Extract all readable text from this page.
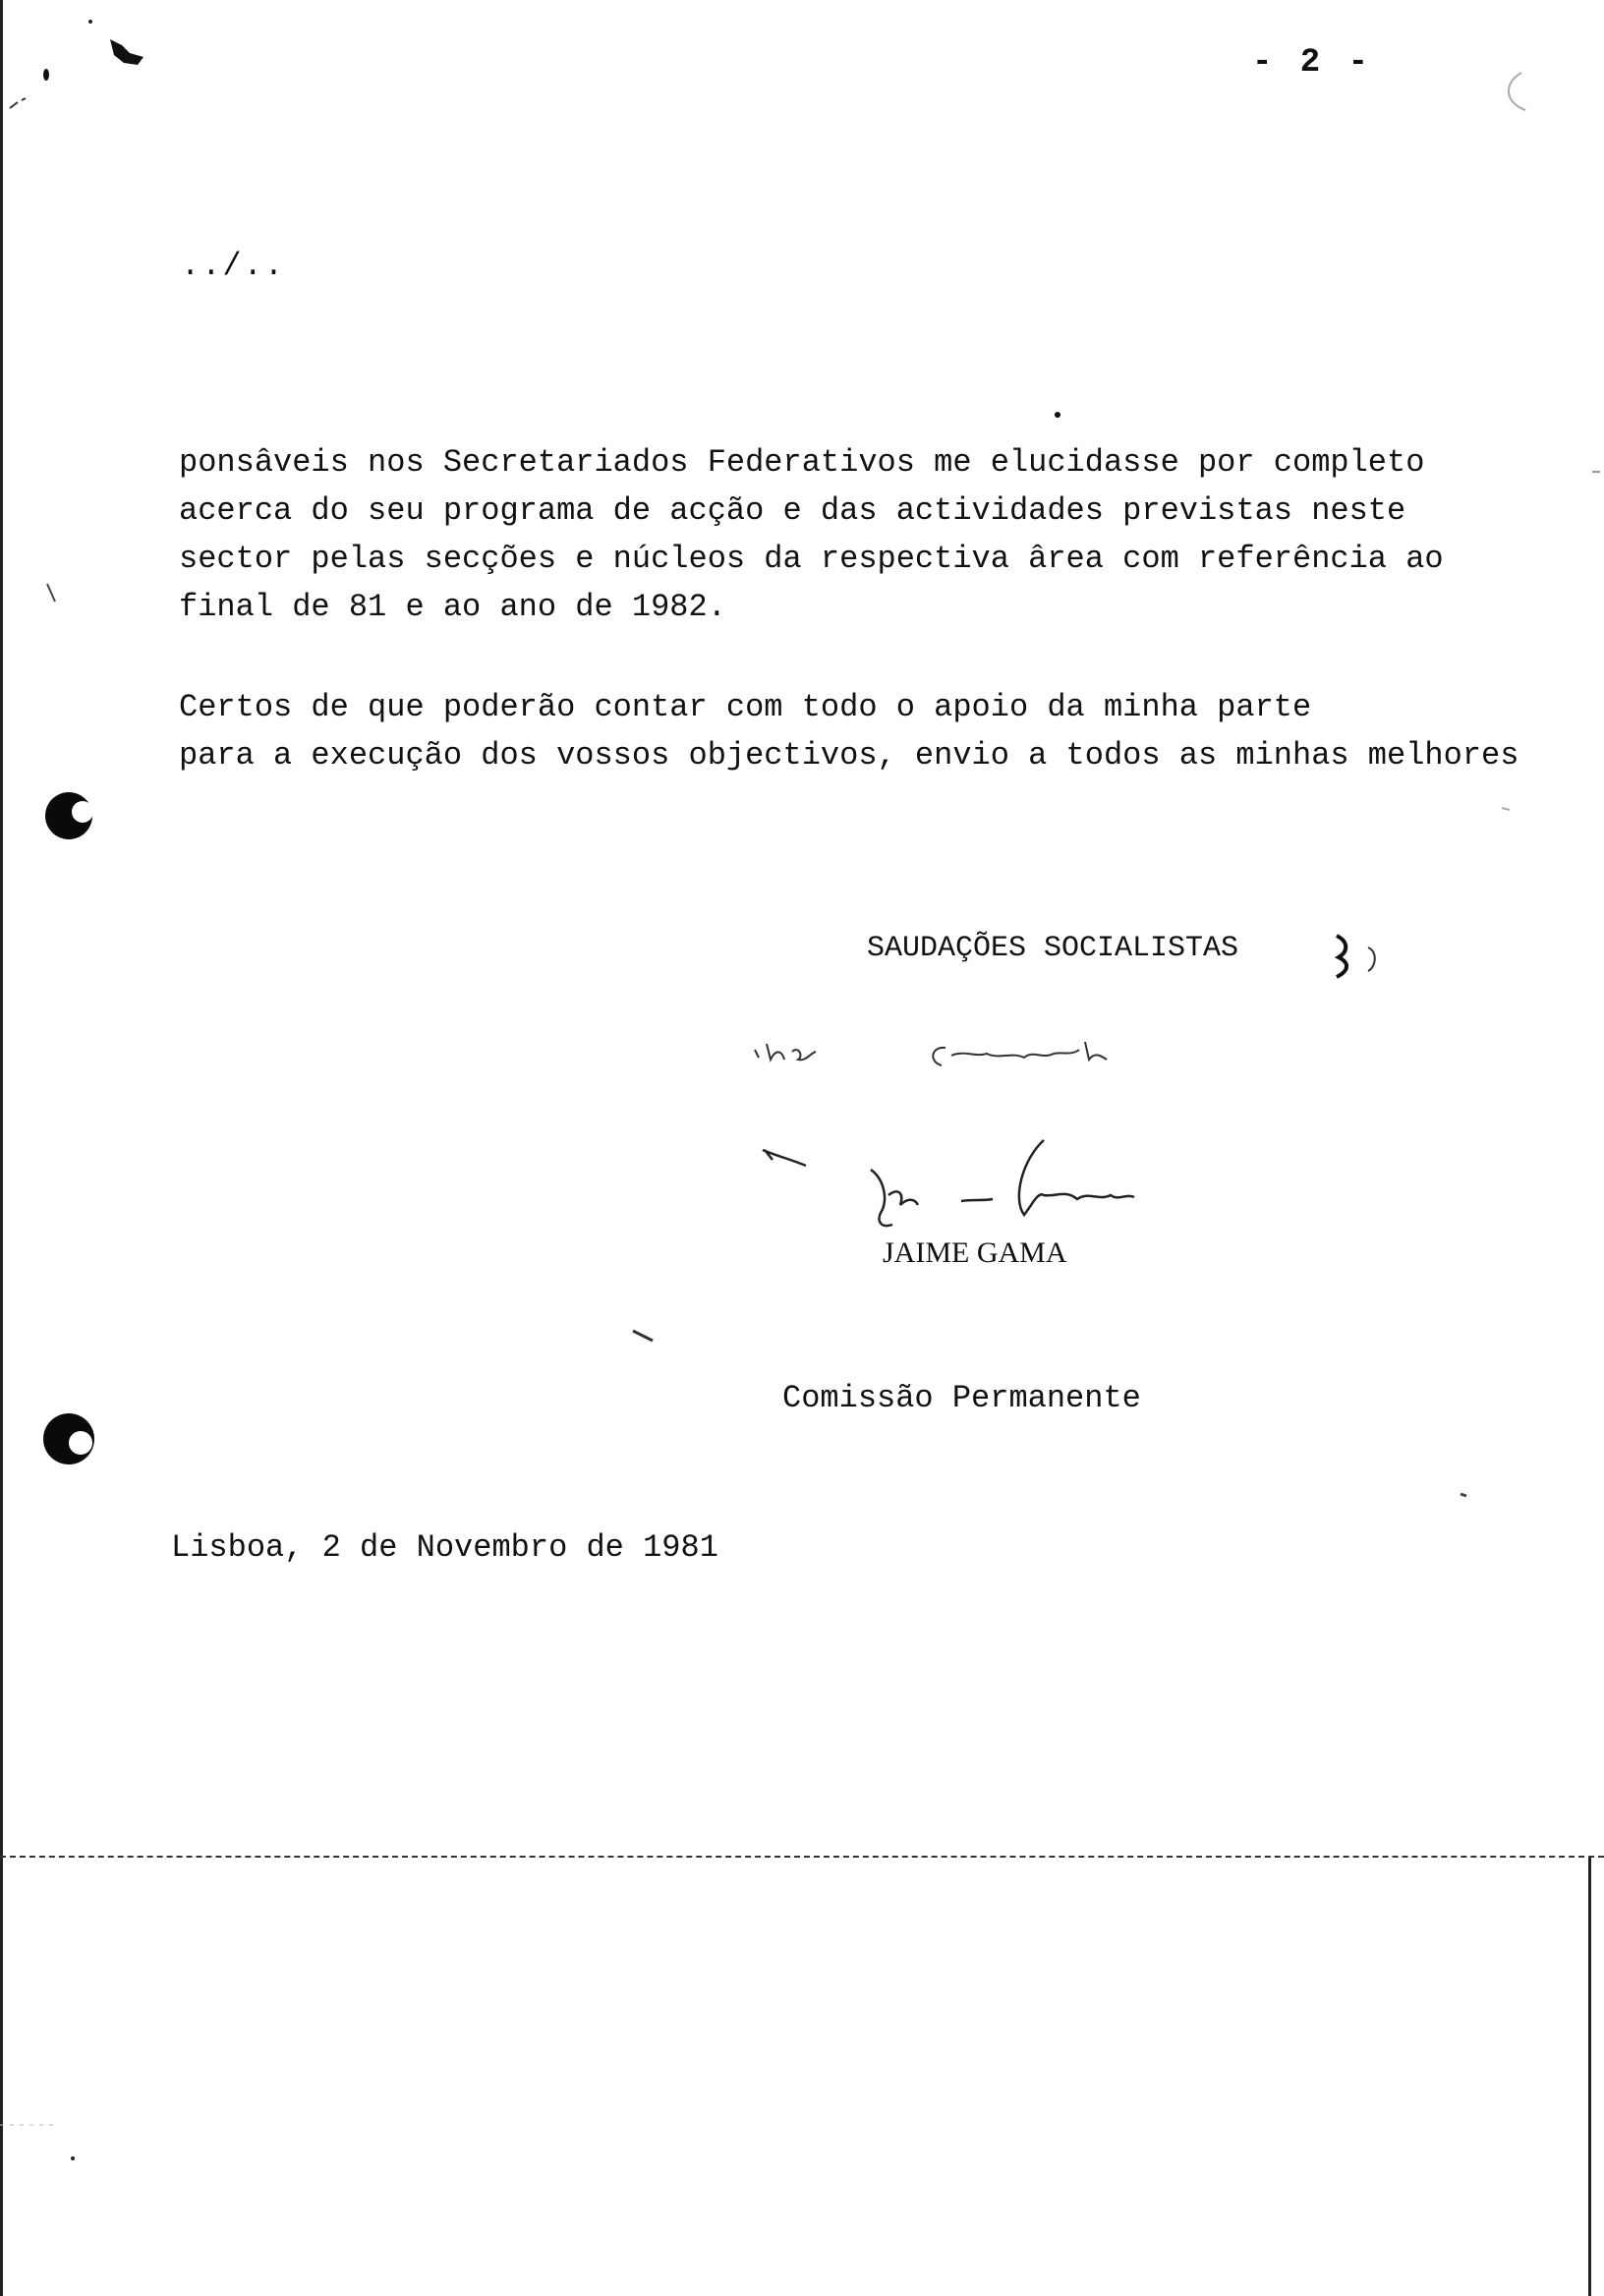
- 2 -
../..

ponsâveis nos Secretariados Federativos me elucidasse por completo
acerca do seu programa de acção e das actividades previstas neste
sector pelas secções e núcleos da respectiva ârea com referência ao
final de 81 e ao ano de 1982.

Certos de que poderão contar com todo o apoio da minha parte
para a execução dos vossos objectivos, envio a todos as minhas melhores

SAUDAÇÕES SOCIALISTAS
JAIME GAMA
Comissão Permanente
Lisboa, 2 de Novembro de 1981
